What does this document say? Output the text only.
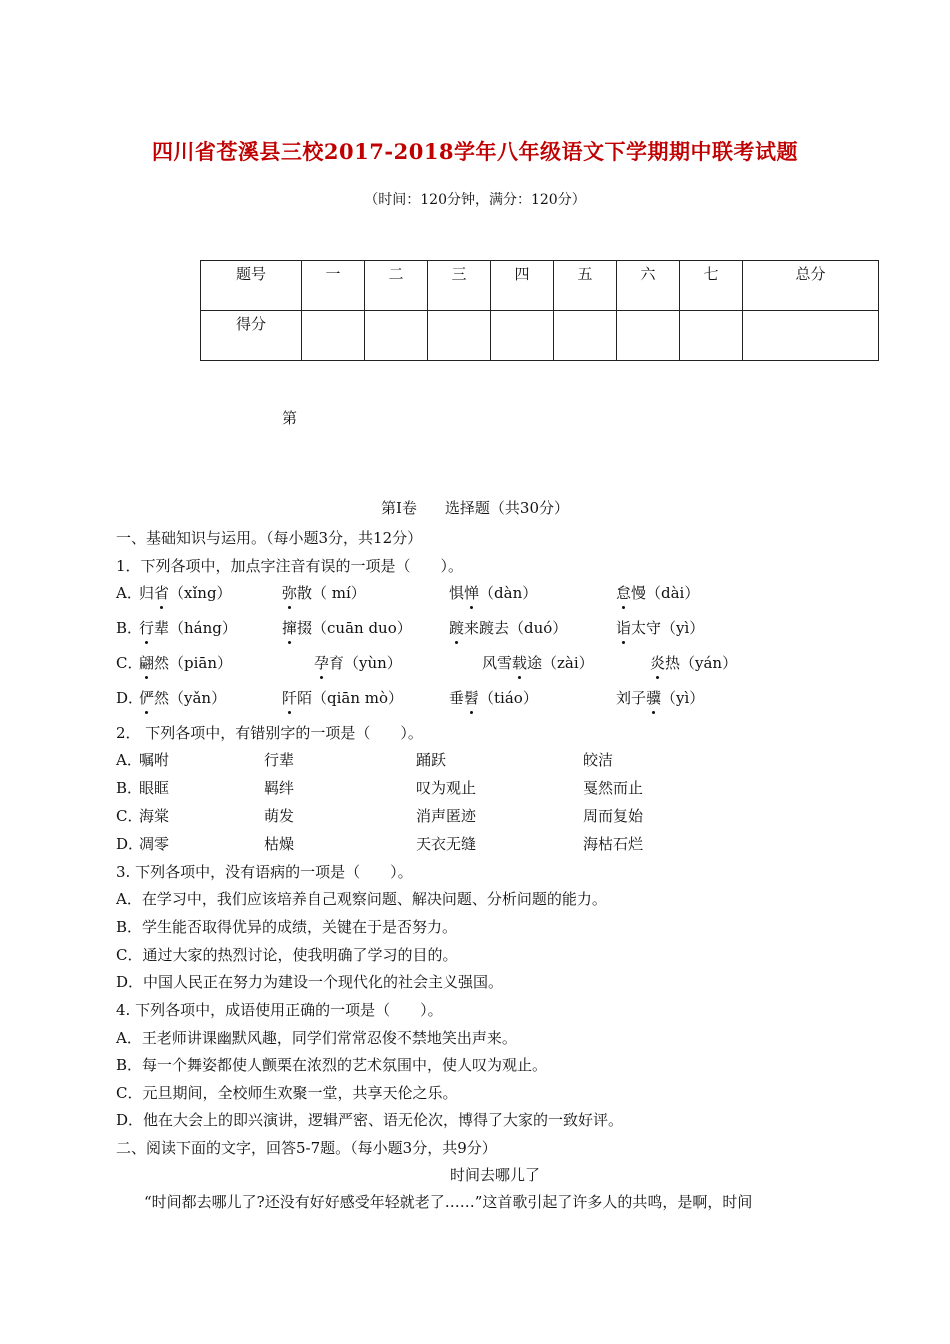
四川省苍溪县三校2017-2018学年八年级语文下学期期中联考试题
（时间：120分钟，满分：120分）
题号	一	二	三	四	五	六	七	总分
得分								
第
第Ⅰ卷 选择题（共30分）
一、基础知识与运用。（每小题3分，共12分）
1．下列各项中，加点字注音有误的一项是（　　）。
A．
归省（xǐng）	弥散（ mí）	惧惮（dàn）	怠慢（dài）
B．
行辈（háng）	撺掇（cuān duo） 踱来踱去（duó）	诣太守（yì）
C．
翩然（piān）	孕育（yùn）	风雪载途（zài）	炎热（yán）
D．
俨然（yǎn）	阡陌（qiān mò）	垂髫（tiáo）	刘子骥（yì）
2． 下列各项中，有错别字的一项是（　　）。
A．
嘱咐	行辈	踊跃	皎洁
B．
眼眶	羁绊	叹为观止	戛然而止
C．
海棠	萌发	消声匿迹	周而复始
D．
凋零	枯燥	天衣无缝	海枯石烂
3. 下列各项中，没有语病的一项是（　　）。
A．在学习中，我们应该培养自己观察问题、解决问题、分析问题的能力。
B．学生能否取得优异的成绩，关键在于是否努力。
C．通过大家的热烈讨论，使我明确了学习的目的。
D．中国人民正在努力为建设一个现代化的社会主义强国。
4. 下列各项中，成语使用正确的一项是（　　）。
A．王老师讲课幽默风趣，同学们常常忍俊不禁地笑出声来。
B．每一个舞姿都使人颤栗在浓烈的艺术氛围中，使人叹为观止。
C．元旦期间，全校师生欢聚一堂，共享天伦之乐。
D．他在大会上的即兴演讲，逻辑严密、语无伦次，博得了大家的一致好评。
二、阅读下面的文字，回答5-7题。（每小题3分，共9分）
时间去哪儿了
“时间都去哪儿了?还没有好好感受年轻就老了……”这首歌引起了许多人的共鸣，是啊，时间
